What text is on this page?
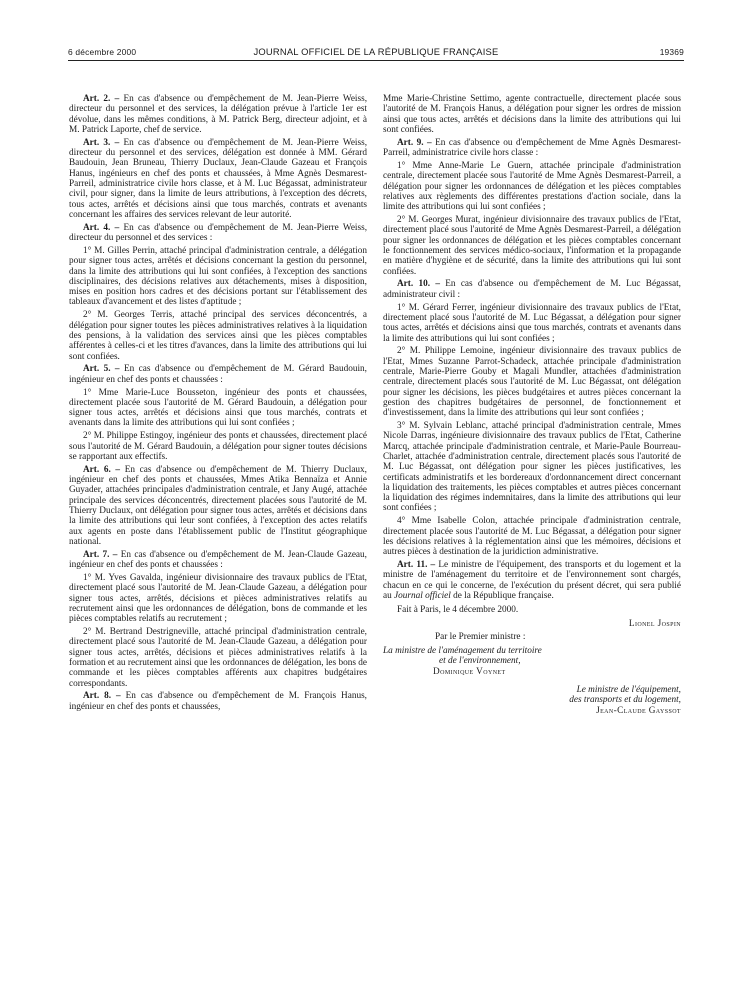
6 décembre 2000	JOURNAL OFFICIEL DE LA RÉPUBLIQUE FRANÇAISE	19369

Art. 2. – En cas d'absence ou d'empêchement de M. Jean-Pierre Weiss, directeur du personnel et des services, la délégation prévue à l'article 1er est dévolue, dans les mêmes conditions, à M. Patrick Berg, directeur adjoint, et à M. Patrick Laporte, chef de service.

Art. 3. – En cas d'absence ou d'empêchement de M. Jean-Pierre Weiss, directeur du personnel et des services, délégation est donnée à MM. Gérard Baudouin, Jean Bruneau, Thierry Duclaux, Jean-Claude Gazeau et François Hanus, ingénieurs en chef des ponts et chaussées, à Mme Agnès Desmarest-Parreil, administratrice civile hors classe, et à M. Luc Bégassat, administrateur civil, pour signer, dans la limite de leurs attributions, à l'exception des décrets, tous actes, arrêtés et décisions ainsi que tous marchés, contrats et avenants concernant les affaires des services relevant de leur autorité.

Art. 4. – En cas d'absence ou d'empêchement de M. Jean-Pierre Weiss, directeur du personnel et des services :

1° M. Gilles Perrin, attaché principal d'administration centrale, a délégation pour signer tous actes, arrêtés et décisions concernant la gestion du personnel, dans la limite des attributions qui lui sont confiées, à l'exception des sanctions disciplinaires, des décisions relatives aux détachements, mises à disposition, mises en position hors cadres et des décisions portant sur l'établissement des tableaux d'avancement et des listes d'aptitude ;

2° M. Georges Terris, attaché principal des services déconcentrés, a délégation pour signer toutes les pièces administratives relatives à la liquidation des pensions, à la validation des services ainsi que les pièces comptables afférentes à celles-ci et les titres d'avances, dans la limite des attributions qui lui sont confiées.

Art. 5. – En cas d'absence ou d'empêchement de M. Gérard Baudouin, ingénieur en chef des ponts et chaussées :

1° Mme Marie-Luce Bousseton, ingénieur des ponts et chaussées, directement placée sous l'autorité de M. Gérard Baudouin, a délégation pour signer tous actes, arrêtés et décisions ainsi que tous marchés, contrats et avenants dans la limite des attributions qui lui sont confiées ;

2° M. Philippe Estingoy, ingénieur des ponts et chaussées, directement placé sous l'autorité de M. Gérard Baudouin, a délégation pour signer toutes décisions se rapportant aux effectifs.

Art. 6. – En cas d'absence ou d'empêchement de M. Thierry Duclaux, ingénieur en chef des ponts et chaussées, Mmes Atika Bennaïza et Annie Guyader, attachées principales d'administration centrale, et Jany Augé, attachée principale des services déconcentrés, directement placées sous l'autorité de M. Thierry Duclaux, ont délégation pour signer tous actes, arrêtés et décisions dans la limite des attributions qui leur sont confiées, à l'exception des actes relatifs aux agents en poste dans l'établissement public de l'Institut géographique national.

Art. 7. – En cas d'absence ou d'empêchement de M. Jean-Claude Gazeau, ingénieur en chef des ponts et chaussées :

1° M. Yves Gavalda, ingénieur divisionnaire des travaux publics de l'Etat, directement placé sous l'autorité de M. Jean-Claude Gazeau, a délégation pour signer tous actes, arrêtés, décisions et pièces administratives relatifs au recrutement ainsi que les ordonnances de délégation, bons de commande et les pièces comptables relatifs au recrutement ;

2° M. Bertrand Destrigneville, attaché principal d'administration centrale, directement placé sous l'autorité de M. Jean-Claude Gazeau, a délégation pour signer tous actes, arrêtés, décisions et pièces administratives relatifs à la formation et au recrutement ainsi que les ordonnances de délégation, les bons de commande et les pièces comptables afférents aux chapitres budgétaires correspondants.

Art. 8. – En cas d'absence ou d'empêchement de M. François Hanus, ingénieur en chef des ponts et chaussées,

Mme Marie-Christine Settimo, agente contractuelle, directement placée sous l'autorité de M. François Hanus, a délégation pour signer les ordres de mission ainsi que tous actes, arrêtés et décisions dans la limite des attributions qui lui sont confiées.

Art. 9. – En cas d'absence ou d'empêchement de Mme Agnès Desmarest-Parreil, administratrice civile hors classe :

1° Mme Anne-Marie Le Guern, attachée principale d'administration centrale, directement placée sous l'autorité de Mme Agnès Desmarest-Parreil, a délégation pour signer les ordonnances de délégation et les pièces comptables relatives aux règlements des différentes prestations d'action sociale, dans la limite des attributions qui lui sont confiées ;

2° M. Georges Murat, ingénieur divisionnaire des travaux publics de l'Etat, directement placé sous l'autorité de Mme Agnès Desmarest-Parreil, a délégation pour signer les ordonnances de délégation et les pièces comptables concernant le fonctionnement des services médico-sociaux, l'information et la propagande en matière d'hygiène et de sécurité, dans la limite des attributions qui lui sont confiées.

Art. 10. – En cas d'absence ou d'empêchement de M. Luc Bégassat, administrateur civil :

1° M. Gérard Ferrer, ingénieur divisionnaire des travaux publics de l'Etat, directement placé sous l'autorité de M. Luc Bégassat, a délégation pour signer tous actes, arrêtés et décisions ainsi que tous marchés, contrats et avenants dans la limite des attributions qui lui sont confiées ;

2° M. Philippe Lemoine, ingénieur divisionnaire des travaux publics de l'Etat, Mmes Suzanne Parrot-Schadeck, attachée principale d'administration centrale, Marie-Pierre Gouby et Magali Mundler, attachées d'administration centrale, directement placés sous l'autorité de M. Luc Bégassat, ont délégation pour signer les décisions, les pièces budgétaires et autres pièces concernant la gestion des chapitres budgétaires de personnel, de fonctionnement et d'investissement, dans la limite des attributions qui leur sont confiées ;

3° M. Sylvain Leblanc, attaché principal d'administration centrale, Mmes Nicole Darras, ingénieure divisionnaire des travaux publics de l'Etat, Catherine Marcq, attachée principale d'administration centrale, et Marie-Paule Bourreau-Charlet, attachée d'administration centrale, directement placés sous l'autorité de M. Luc Bégassat, ont délégation pour signer les pièces justificatives, les certificats administratifs et les bordereaux d'ordonnancement direct concernant la liquidation des traitements, les pièces comptables et autres pièces concernant la liquidation des régimes indemnitaires, dans la limite des attributions qui leur sont confiées ;

4° Mme Isabelle Colon, attachée principale d'administration centrale, directement placée sous l'autorité de M. Luc Bégassat, a délégation pour signer les décisions relatives à la réglementation ainsi que les mémoires, décisions et autres pièces à destination de la juridiction administrative.

Art. 11. – Le ministre de l'équipement, des transports et du logement et la ministre de l'aménagement du territoire et de l'environnement sont chargés, chacun en ce qui le concerne, de l'exécution du présent décret, qui sera publié au Journal officiel de la République française.

Fait à Paris, le 4 décembre 2000.

Lionel Jospin

Par le Premier ministre :

La ministre de l'aménagement du territoire

et de l'environnement,

Dominique Voynet

Le ministre de l'équipement,

des transports et du logement,

Jean-Claude Gayssot
